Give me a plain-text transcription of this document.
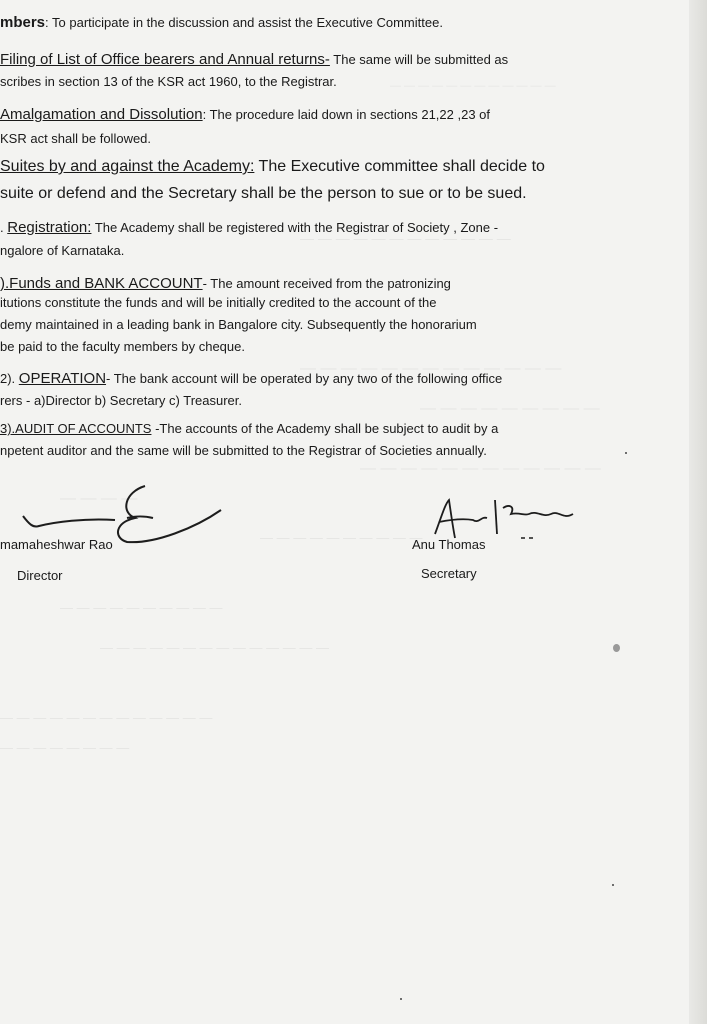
— — — — — — — — — — — —
— — — — — — — — — — — —
— — — — — — — — — — — — —
— — — — — — — — —
— — — — — — — — — — — —
— — — —
— — — — — — — — — —
— — — — — — — — — —
— — — — — — — — — — — — — —
— — — — — — — — — — — — —
— — — — — — — —
mbers: To participate in the discussion and assist the Executive Committee.
Filing of List of Office bearers and Annual returns- The same will be submitted as
scribes in section 13 of the KSR act 1960, to the Registrar.
Amalgamation and Dissolution: The procedure laid down in sections 21,22 ,23 of
KSR act shall be followed.
Suites by and against the Academy: The Executive committee shall decide to
suite or defend and the Secretary shall be the person to sue or to be sued.
. Registration: The Academy shall be registered with the Registrar of Society , Zone -
ngalore of Karnataka.
).Funds and BANK ACCOUNT- The amount received from the patronizing
itutions constitute the funds and will be initially credited to the account of the
demy maintained in a leading bank in Bangalore city. Subsequently the honorarium
be paid to the faculty members by cheque.
2). OPERATION- The bank account will be operated by any two of the following office
rers - a)Director b) Secretary c) Treasurer.
3).AUDIT OF ACCOUNTS -The accounts of the Academy shall be subject to audit by a
npetent auditor and the same will be submitted to the Registrar of Societies annually.
mamaheshwar Rao
Director
Anu Thomas
Secretary
